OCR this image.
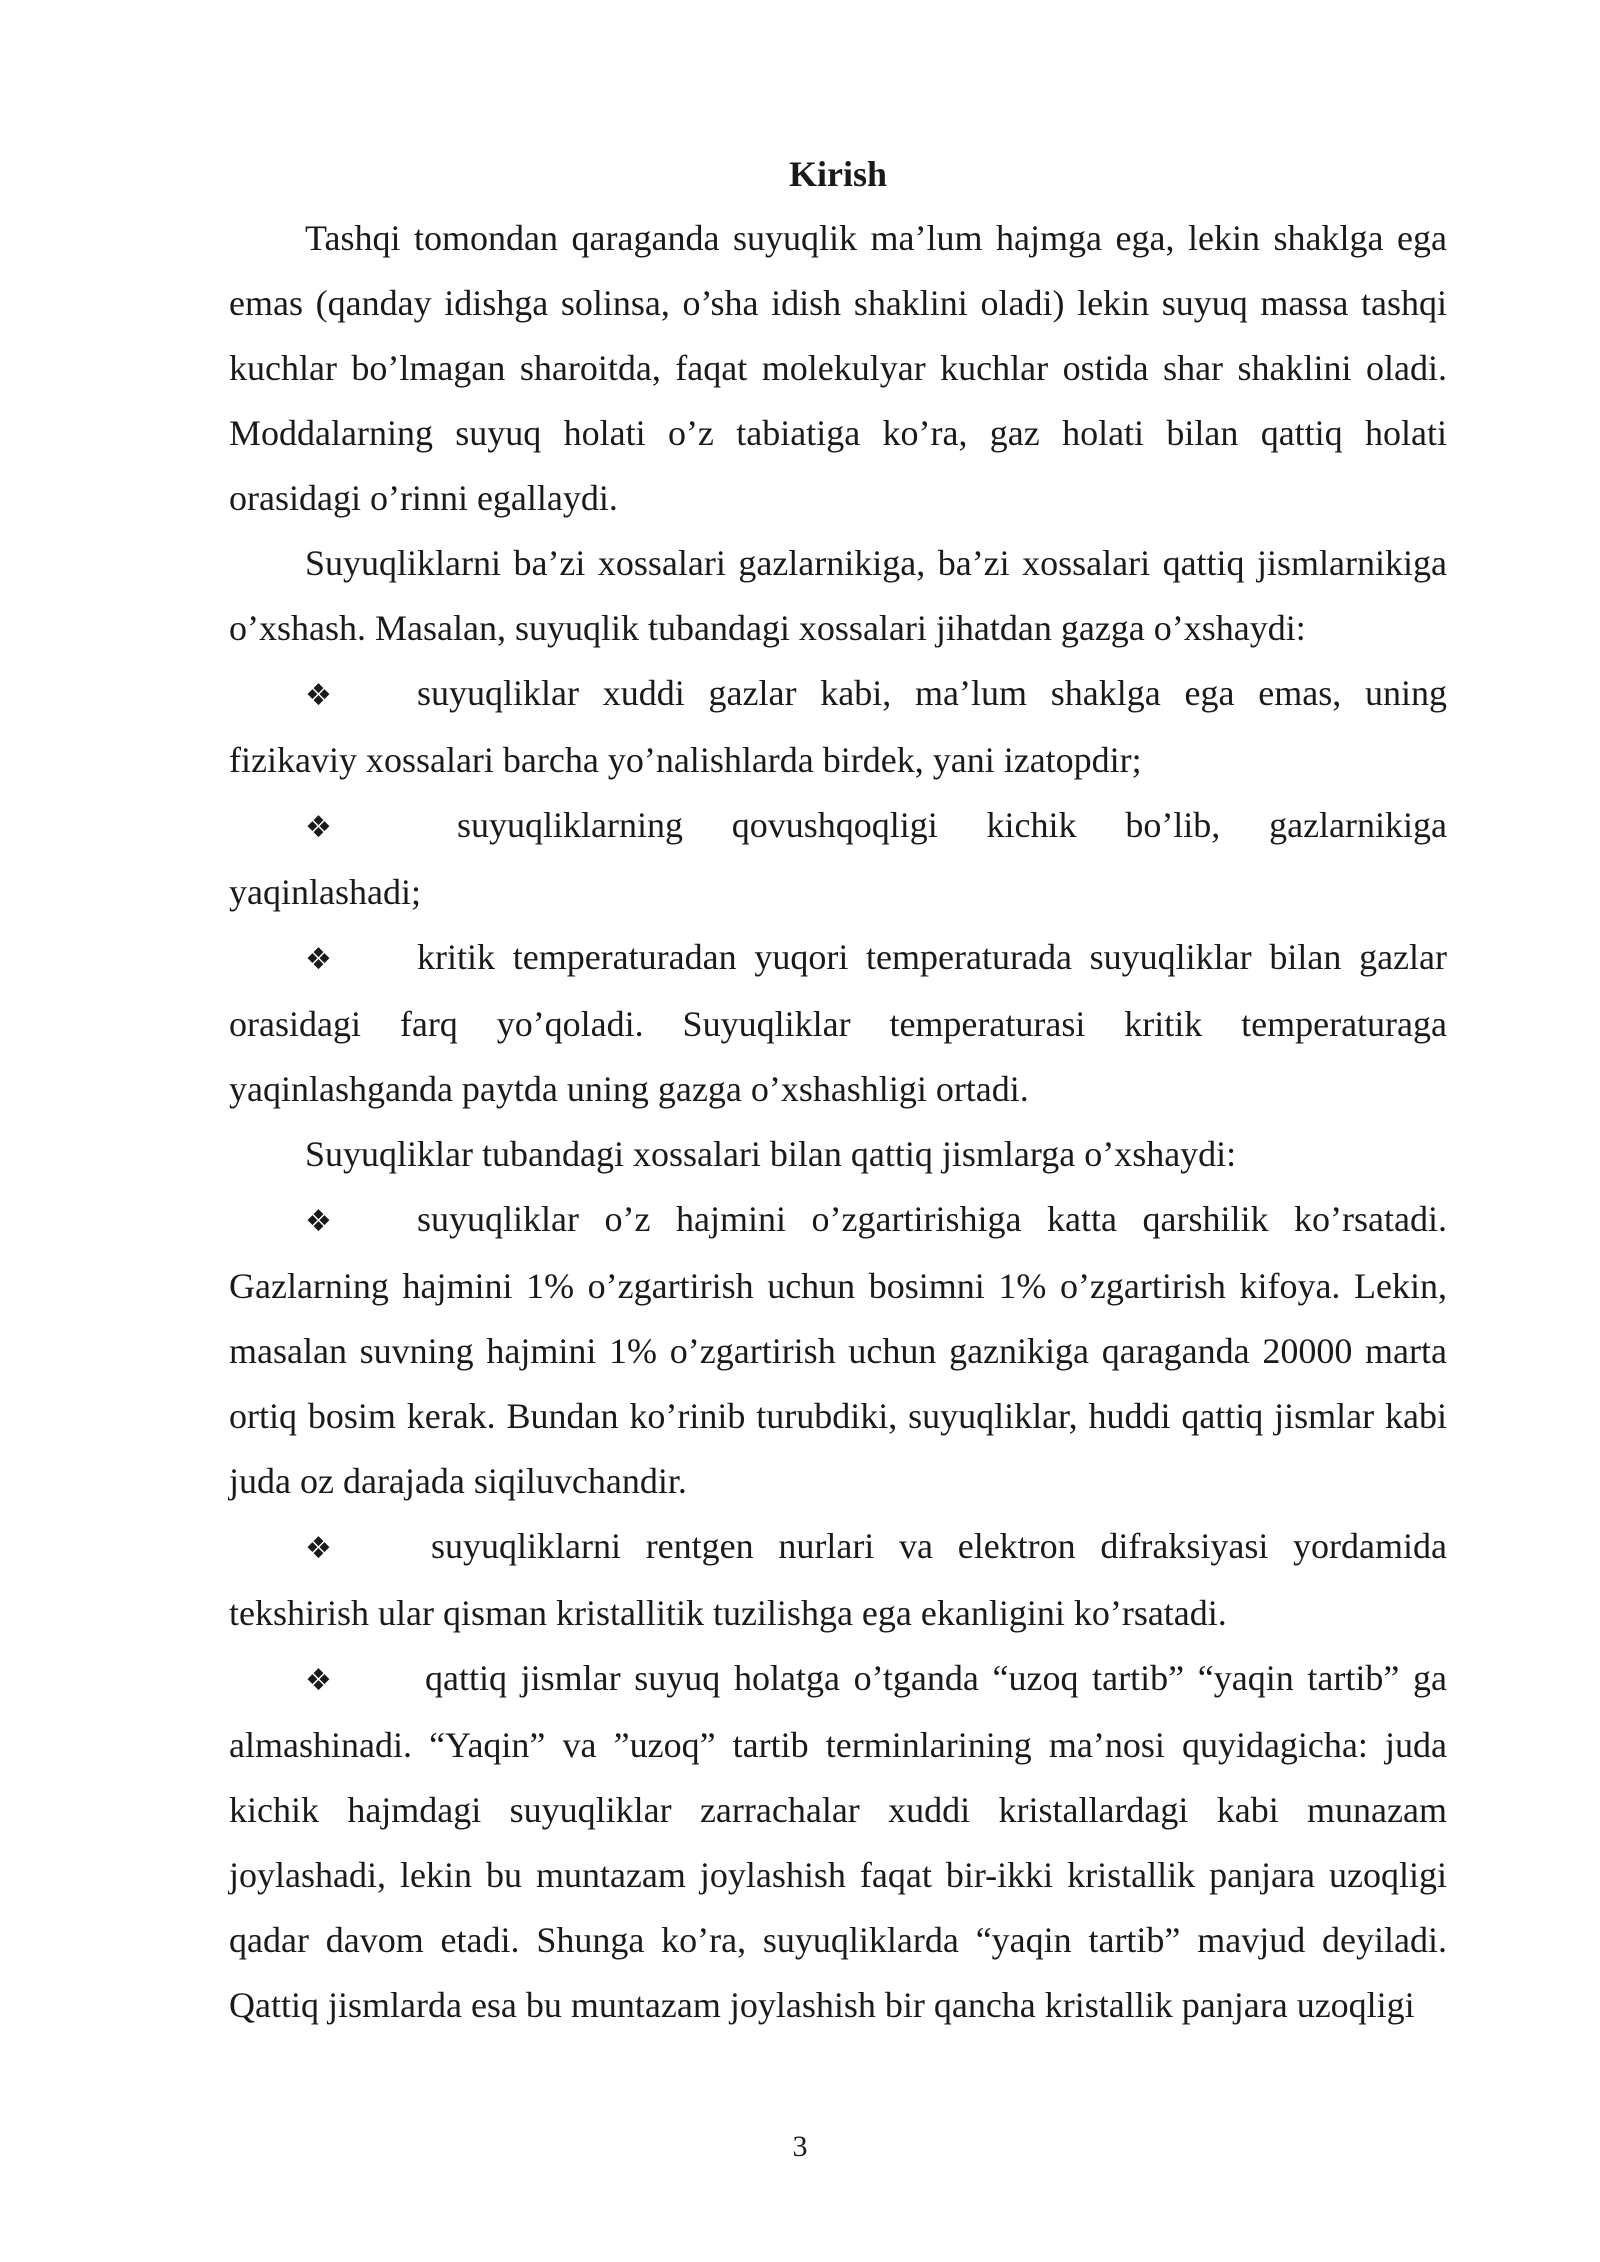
Kirish

Tashqi tomondan qaraganda suyuqlik ma’lum hajmga ega, lekin shaklga ega emas (qanday idishga solinsa, o’sha idish shaklini oladi) lekin suyuq massa tashqi kuchlar bo’lmagan sharoitda, faqat molekulyar kuchlar ostida shar shaklini oladi. Moddalarning suyuq holati o’z tabiatiga ko’ra, gaz holati bilan qattiq holati orasidagi o’rinni egallaydi.

Suyuqliklarni ba’zi xossalari gazlarnikiga, ba’zi xossalari qattiq jismlarnikiga o’xshash. Masalan, suyuqlik tubandagi xossalari jihatdan gazga o’xshaydi:

❖ suyuqliklar xuddi gazlar kabi, ma’lum shaklga ega emas, uning fizikaviy xossalari barcha yo’nalishlarda birdek, yani izatopdir;

❖	suyuqliklarning qovushqoqligi kichik bo’lib, gazlarnikiga yaqinlashadi;

❖ kritik temperaturadan yuqori temperaturada suyuqliklar bilan gazlar orasidagi farq yo’qoladi. Suyuqliklar temperaturasi kritik temperaturaga yaqinlashganda paytda uning gazga o’xshashligi ortadi.

Suyuqliklar tubandagi xossalari bilan qattiq jismlarga o’xshaydi:

❖ suyuqliklar o’z hajmini o’zgartirishiga katta qarshilik ko’rsatadi. Gazlarning hajmini 1% o’zgartirish uchun bosimni 1% o’zgartirish kifoya. Lekin, masalan suvning hajmini 1% o’zgartirish uchun gaznikiga qaraganda 20000 marta ortiq bosim kerak. Bundan ko’rinib turubdiki, suyuqliklar, huddi qattiq jismlar kabi juda oz darajada siqiluvchandir.

❖	suyuqliklarni rentgen nurlari va elektron difraksiyasi yordamida tekshirish ular qisman kristallitik tuzilishga ega ekanligini ko’rsatadi.

❖	qattiq jismlar suyuq holatga o’tganda “uzoq tartib” “yaqin tartib” ga almashinadi. “Yaqin” va ”uzoq” tartib terminlarining ma’nosi quyidagicha: juda kichik hajmdagi suyuqliklar zarrachalar xuddi kristallardagi kabi munazam joylashadi, lekin bu muntazam joylashish faqat bir-ikki kristallik panjara uzoqligi qadar davom etadi. Shunga ko’ra, suyuqliklarda “yaqin tartib” mavjud deyiladi. Qattiq jismlarda esa bu muntazam joylashish bir qancha kristallik panjara uzoqligi

3
